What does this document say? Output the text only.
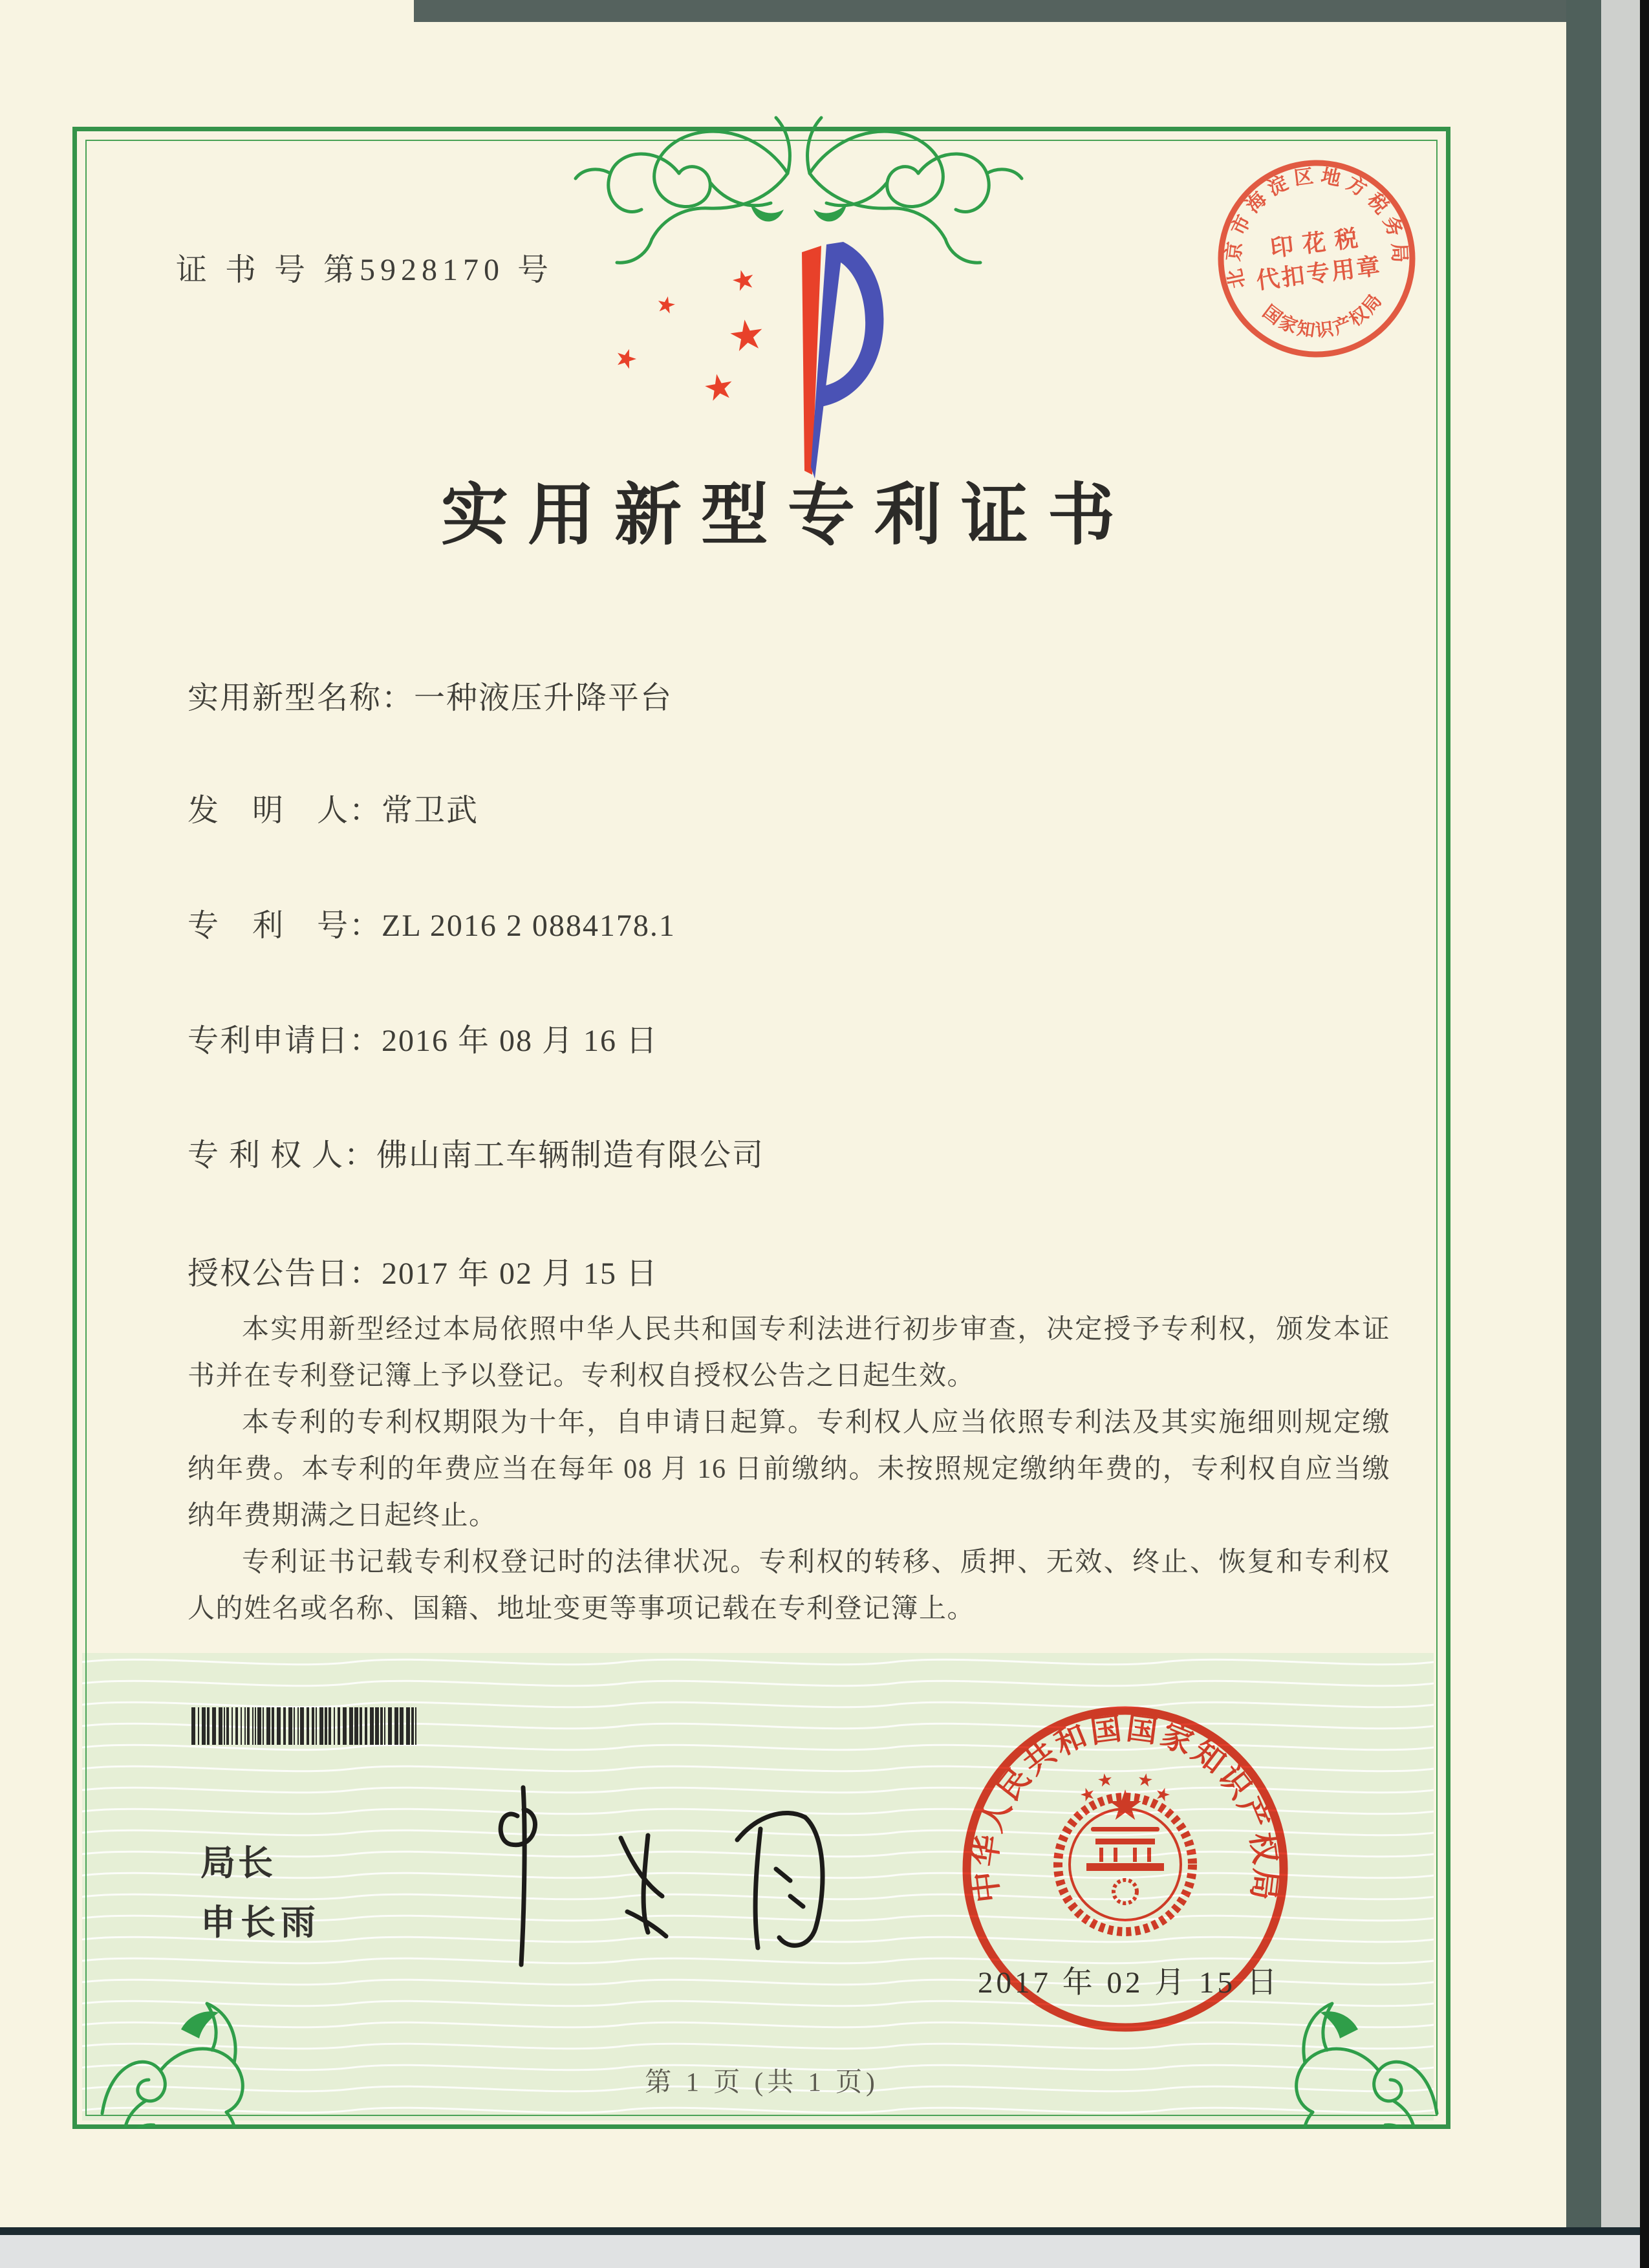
证 书 号 第5928170 号	北京市海淀区地方税务局
国家知识产权局
印花税
代扣专用章
实用新型专利证书
实用新型名称：一种液压升降平台
发　明　人：常卫武
专　利　号：ZL 2016 2 0884178.1
专利申请日：2016 年 08 月 16 日
专 利 权 人：佛山南工车辆制造有限公司
授权公告日：2017 年 02 月 15 日

本实用新型经过本局依照中华人民共和国专利法进行初步审查，决定授予专利权，颁发本证书并在专利登记簿上予以登记。专利权自授权公告之日起生效。

本专利的专利权期限为十年，自申请日起算。专利权人应当依照专利法及其实施细则规定缴纳年费。本专利的年费应当在每年 08 月 16 日前缴纳。未按照规定缴纳年费的，专利权自应当缴纳年费期满之日起终止。

专利证书记载专利权登记时的法律状况。专利权的转移、质押、无效、终止、恢复和专利权人的姓名或名称、国籍、地址变更等事项记载在专利登记簿上。

局长
申长雨
中华人民共和国国家知识产权局
2017 年 02 月 15 日
第 1 页 (共 1 页)
